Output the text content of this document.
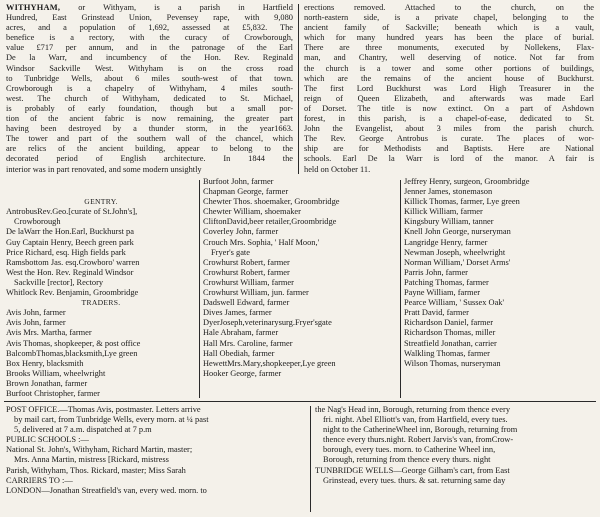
WITHYHAM, or Withyam, is a parish in Hartfield
Hundred, East Grinstead Union, Pevensey rape, with 9,080
acres, and a population of 1,692, assessed at £5,832. The
benefice is a rectory, with the curacy of Crowborough,
value £717 per annum, and in the patronage of the Earl
De la Warr, and incumbency of the Hon. Rev. Reginald
Windsor Sackville West. Withyham is on the cross road
to Tunbridge Wells, about 6 miles south-west of that town.
Crowborough is a chapelry of Withyham, 4 miles south-
west. The church of Withyham, dedicated to St. Michael,
is probably of early foundation, though but a small por-
tion of the ancient fabric is now remaining, the greater part
having been destroyed by a thunder storm, in the year1663.
The tower and part of the southern wall of the chancel, which
are relics of the ancient building, appear to belong to the
decorated period of English architecture. In 1844 the
interior was in part renovated, and some modern unsightly
erections removed. Attached to the church, on the
north-eastern side, is a private chapel, belonging to the
ancient family of Sackville; beneath which is a vault,
which for many hundred years has been the place of burial.
There are three monuments, executed by Nollekens, Flax-
man, and Chantry, well deserving of notice. Not far from
the church is a tower and some other portions of buildings,
which are the remains of the ancient house of Buckhurst.
The first Lord Buckhurst was Lord High Treasurer in the
reign of Queen Elizabeth, and afterwards was made Earl
of Dorset. The title is now extinct. On a part of Ashdown
forest, in this parish, is a chapel-of-ease, dedicated to St.
John the Evangelist, about 3 miles from the parish church.
The Rev. George Antrobus is curate. The places of wor-
ship are for Methodists and Baptists. Here are National
schools. Earl De la Warr is lord of the manor. A fair is
held on October 11.

GENTRY.
AntrobusRev.Geo.[curate of St.John's],
Crowborough
De laWarr the Hon.Earl, Buckhurst pa
Guy Captain Henry, Beech green park
Price Richard, esq. High fields park
Ramsbottom Jas. esq.Crowboro' warren
West the Hon. Rev. Reginald Windsor
Sackville [rector], Rectory
Whitlock Rev. Benjamin, Groombridge
TRADERS.
Avis John, farmer
Avis John, farmer
Avis Mrs. Martha, farmer
Avis Thomas, shopkeeper, & post office
BalcombThomas,blacksmith,Lye green
Box Henry, blacksmith
Brooks William, wheelwright
Brown Jonathan, farmer
Burfoot Christopher, farmer
Burfoot John, farmer
Chapman George, farmer
Chewter Thos. shoemaker, Groombridge
Chewter William, shoemaker
CliftonDavid,beer retailer,Groombridge
Coverley John, farmer
Crouch Mrs. Sophia, ' Half Moon,'
Fryer's gate
Crowhurst Robert, farmer
Crowhurst Robert, farmer
Crowhurst William, farmer
Crowhurst William, jun. farmer
Dadswell Edward, farmer
Dives James, farmer
DyerJoseph,veterinarysurg.Fryer'sgate
Hale Abraham, farmer
Hall Mrs. Caroline, farmer
Hall Obediah, farmer
HewettMrs.Mary,shopkeeper,Lye green
Hooker George, farmer
Jeffrey Henry, surgeon, Groombridge
Jenner James, stonemason
Killick Thomas, farmer, Lye green
Killick William, farmer
Kingsbury William, tanner
Knell John George, nurseryman
Langridge Henry, farmer
Newman Joseph, wheelwright
Norman William,' Dorset Arms'
Parris John, farmer
Patching Thomas, farmer
Payne William, farmer
Pearce William, ' Sussex Oak'
Pratt David, farmer
Richardson Daniel, farmer
Richardson Thomas, miller
Streatfield Jonathan, carrier
Walkling Thomas, farmer
Wilson Thomas, nurseryman
POST OFFICE.—Thomas Avis, postmaster. Letters arrive
by mail cart, from Tunbridge Wells, every morn. at ¼ past
5, delivered at 7 a.m. dispatched at 7 p.m
PUBLIC SCHOOLS :—
National St. John's, Withyham, Richard Martin, master;
Mrs. Anna Martin, mistress [Rickard, mistress
Parish, Withyham, Thos. Rickard, master; Miss Sarah
CARRIERS TO :—
LONDON—Jonathan Streatfield's van, every wed. morn. to
the Nag's Head inn, Borough, returning from thence every
fri. night. Abel Elliott's van, from Hartfield, every tues.
night to the CatherineWheel inn, Borough, returning from
thence every thurs.night. Robert Jarvis's van, fromCrow-
borough, every tues. morn. to Catherine Wheel inn,
Borough, returning from thence every thurs. night
TUNBRIDGE WELLS—George Gilham's cart, from East
Grinstead, every tues. thurs. & sat. returning same day
